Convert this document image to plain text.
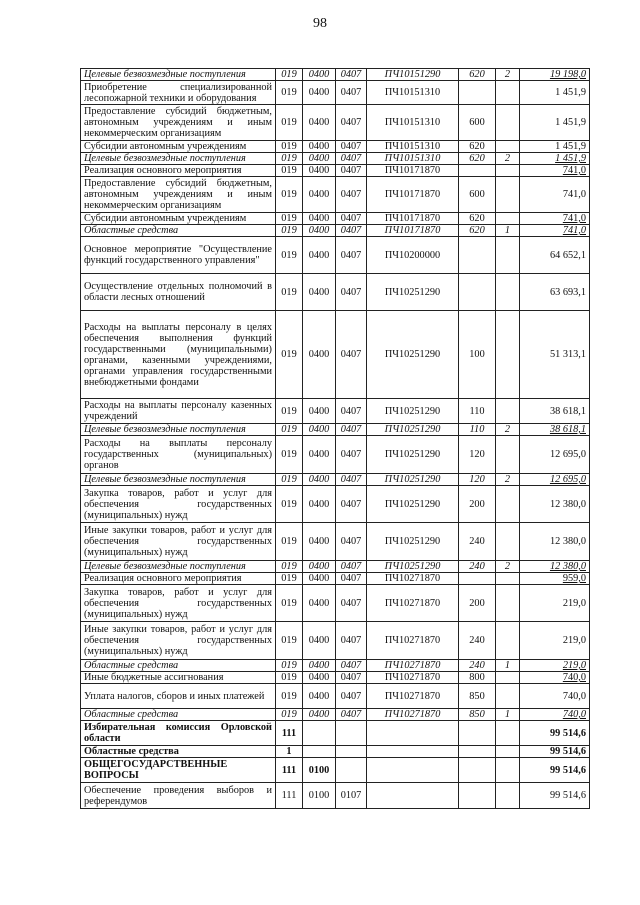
98
Целевые безвозмездные поступления	019	0400	0407	ПЧ10151290	620	2	19 198,0
Приобретение специализированной лесопожарной техники и оборудования	019	0400	0407	ПЧ10151310			1 451,9
Предоставление субсидий бюджетным, автономным учреждениям и иным некоммерческим организациям	019	0400	0407	ПЧ10151310	600		1 451,9
Субсидии автономным учреждениям	019	0400	0407	ПЧ10151310	620		1 451,9
Целевые безвозмездные поступления	019	0400	0407	ПЧ10151310	620	2	1 451,9
Реализация основного мероприятия	019	0400	0407	ПЧ10171870			741,0
Предоставление субсидий бюджетным, автономным учреждениям и иным некоммерческим организациям	019	0400	0407	ПЧ10171870	600		741,0
Субсидии автономным учреждениям	019	0400	0407	ПЧ10171870	620		741,0
Областные средства	019	0400	0407	ПЧ10171870	620	1	741,0
Основное мероприятие "Осуществление функций государственного управления"	019	0400	0407	ПЧ10200000			64 652,1
Осуществление отдельных полномочий в области лесных отношений	019	0400	0407	ПЧ10251290			63 693,1
Расходы на выплаты персоналу в целях обеспечения выполнения функций государственными (муниципальными) органами, казенными учреждениями, органами управления государственными внебюджетными фондами	019	0400	0407	ПЧ10251290	100		51 313,1
Расходы на выплаты персоналу казенных учреждений	019	0400	0407	ПЧ10251290	110		38 618,1
Целевые безвозмездные поступления	019	0400	0407	ПЧ10251290	110	2	38 618,1
Расходы на выплаты персоналу государственных (муниципальных) органов	019	0400	0407	ПЧ10251290	120		12 695,0
Целевые безвозмездные поступления	019	0400	0407	ПЧ10251290	120	2	12 695,0
Закупка товаров, работ и услуг для обеспечения государственных (муниципальных) нужд	019	0400	0407	ПЧ10251290	200		12 380,0
Иные закупки товаров, работ и услуг для обеспечения государственных (муниципальных) нужд	019	0400	0407	ПЧ10251290	240		12 380,0
Целевые безвозмездные поступления	019	0400	0407	ПЧ10251290	240	2	12 380,0
Реализация основного мероприятия	019	0400	0407	ПЧ10271870			959,0
Закупка товаров, работ и услуг для обеспечения государственных (муниципальных) нужд	019	0400	0407	ПЧ10271870	200		219,0
Иные закупки товаров, работ и услуг для обеспечения государственных (муниципальных) нужд	019	0400	0407	ПЧ10271870	240		219,0
Областные средства	019	0400	0407	ПЧ10271870	240	1	219,0
Иные бюджетные ассигнования	019	0400	0407	ПЧ10271870	800		740,0
Уплата налогов, сборов и иных платежей	019	0400	0407	ПЧ10271870	850		740,0
Областные средства	019	0400	0407	ПЧ10271870	850	1	740,0
Избирательная комиссия Орловской области	111						99 514,6
Областные средства	1						99 514,6
ОБЩЕГОСУДАРСТВЕННЫЕ ВОПРОСЫ	111	0100					99 514,6
Обеспечение проведения выборов и референдумов	111	0100	0107				99 514,6
